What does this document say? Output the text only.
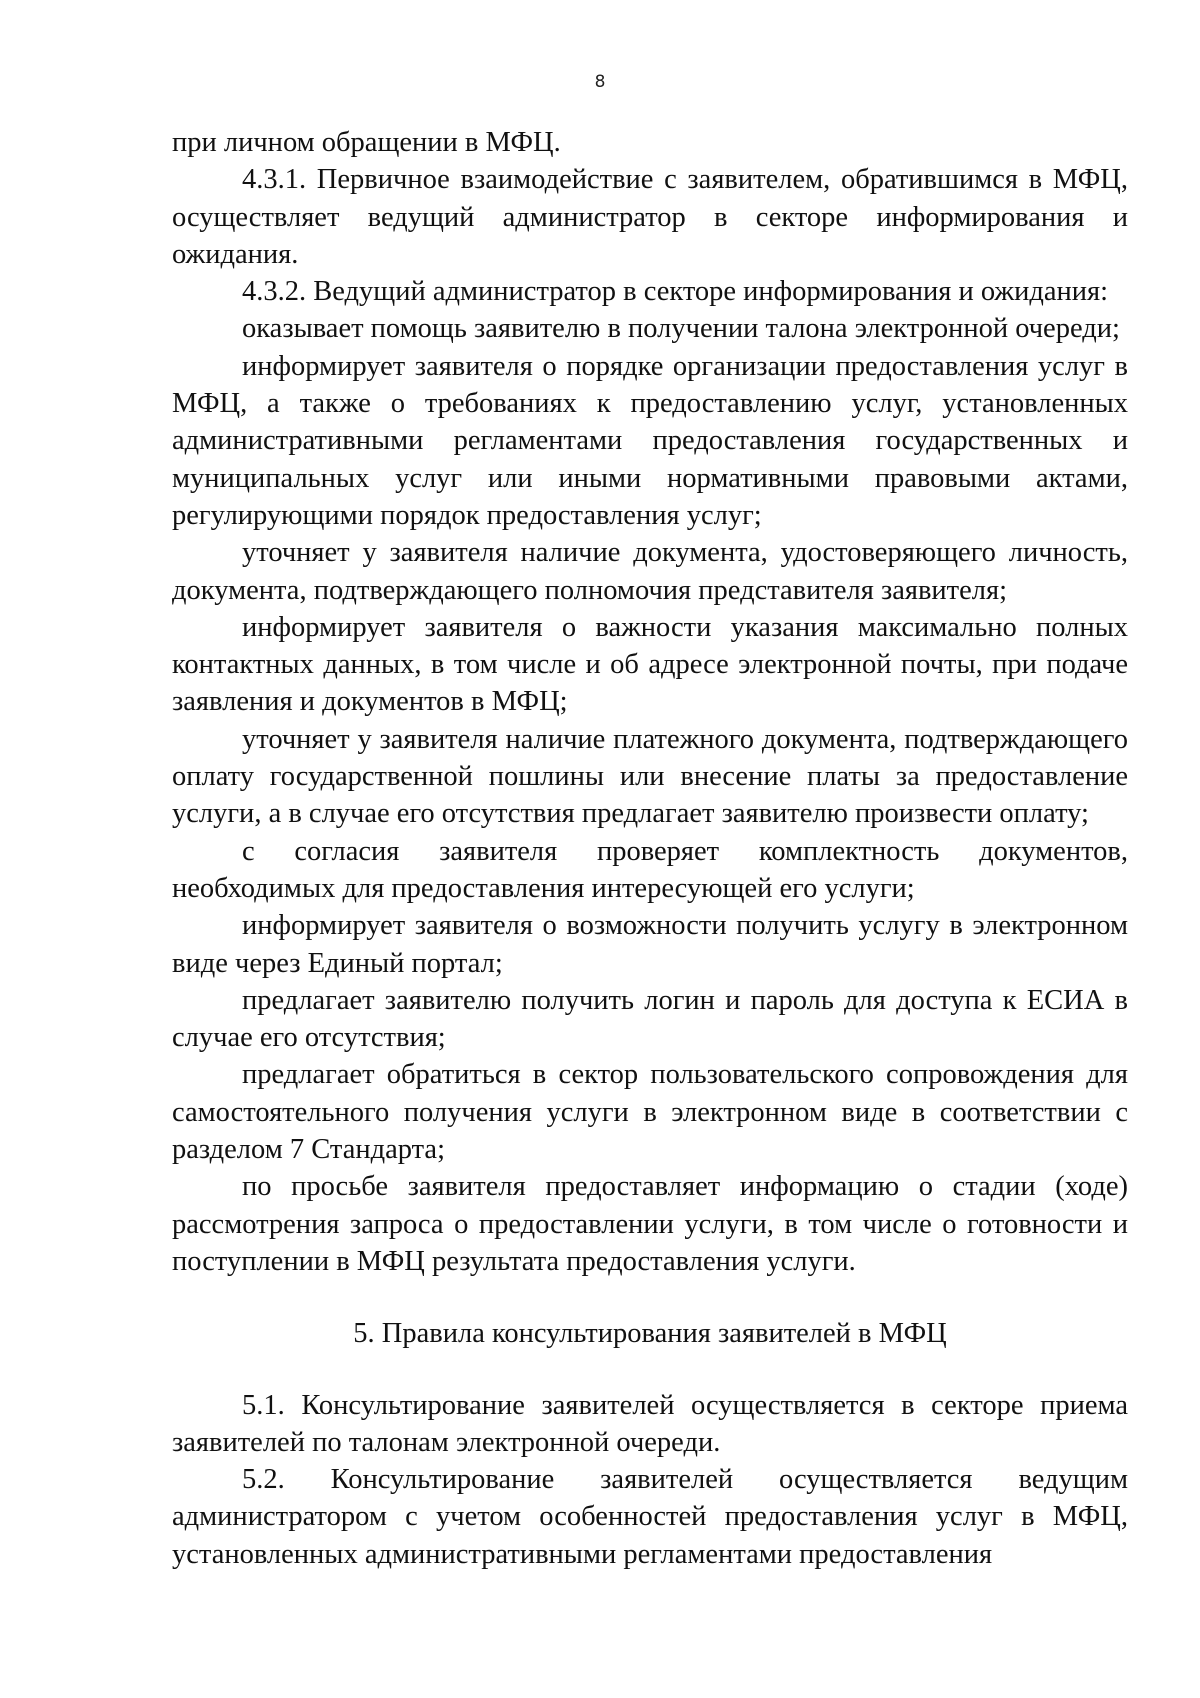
8

при личном обращении в МФЦ.

4.3.1. Первичное взаимодействие с заявителем, обратившимся в МФЦ, осуществляет ведущий администратор в секторе информирования и ожидания.

4.3.2. Ведущий администратор в секторе информирования и ожидания:

оказывает помощь заявителю в получении талона электронной очереди;

информирует заявителя о порядке организации предоставления услуг в МФЦ, а также о требованиях к предоставлению услуг, установленных административными регламентами предоставления государственных и муниципальных услуг или иными нормативными правовыми актами, регулирующими порядок предоставления услуг;

уточняет у заявителя наличие документа, удостоверяющего личность, документа, подтверждающего полномочия представителя заявителя;

информирует заявителя о важности указания максимально полных контактных данных, в том числе и об адресе электронной почты, при подаче заявления и документов в МФЦ;

уточняет у заявителя наличие платежного документа, подтверждающего оплату государственной пошлины или внесение платы за предоставление услуги, а в случае его отсутствия предлагает заявителю произвести оплату;

с согласия заявителя проверяет комплектность документов, необходимых для предоставления интересующей его услуги;

информирует заявителя о возможности получить услугу в электронном виде через Единый портал;

предлагает заявителю получить логин и пароль для доступа к ЕСИА в случае его отсутствия;

предлагает обратиться в сектор пользовательского сопровождения для самостоятельного получения услуги в электронном виде в соответствии с разделом 7 Стандарта;

по просьбе заявителя предоставляет информацию о стадии (ходе) рассмотрения запроса о предоставлении услуги, в том числе о готовности и поступлении в МФЦ результата предоставления услуги.

5. Правила консультирования заявителей в МФЦ

5.1. Консультирование заявителей осуществляется в секторе приема заявителей по талонам электронной очереди.

5.2. Консультирование заявителей осуществляется ведущим администратором с учетом особенностей предоставления услуг в МФЦ, установленных административными регламентами предоставления
